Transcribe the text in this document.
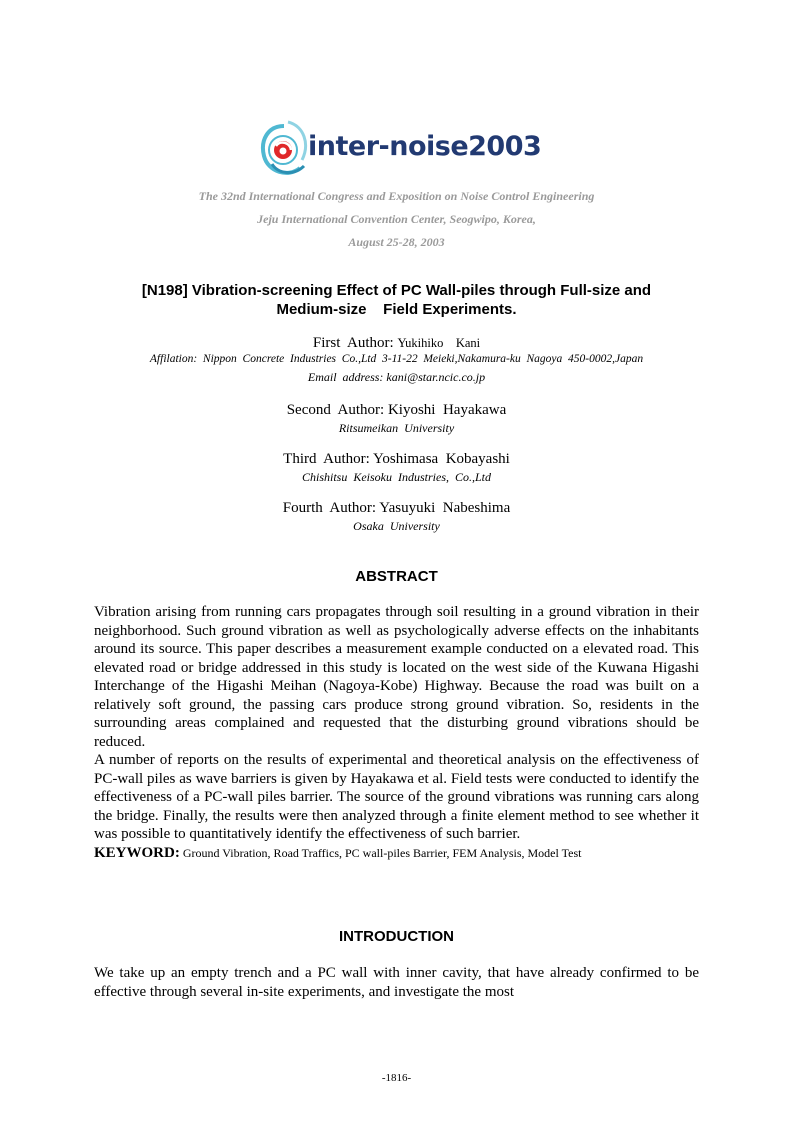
inter-noise2003
The 32nd International Congress and Exposition on Noise Control Engineering
Jeju International Convention Center, Seogwipo, Korea,
August 25-28, 2003
[N198] Vibration-screening Effect of PC Wall-piles through Full-size and
Medium-size    Field Experiments.
First  Author: Yukihiko    Kani
Affilation:  Nippon  Concrete  Industries  Co.,Ltd  3-11-22  Meieki,Nakamura-ku  Nagoya  450-0002,Japan
Email  address: kani@star.ncic.co.jp
Second  Author: Kiyoshi  Hayakawa
Ritsumeikan  University
Third  Author: Yoshimasa  Kobayashi
Chishitsu  Keisoku  Industries,  Co.,Ltd
Fourth  Author: Yasuyuki  Nabeshima
Osaka  University
ABSTRACT

Vibration arising from running cars propagates through soil resulting in a ground vibration in their neighborhood. Such ground vibration as well as psychologically adverse effects on the inhabitants around its source. This paper describes a measurement example conducted on a elevated road. This elevated road or bridge addressed in this study is located on the west side of the Kuwana Higashi Interchange of the Higashi Meihan (Nagoya-Kobe) Highway. Because the road was built on a relatively soft ground, the passing cars produce strong ground vibration. So, residents in the surrounding areas complained and requested that the disturbing ground vibrations should be reduced.

A number of reports on the results of experimental and theoretical analysis on the effectiveness of PC-wall piles as wave barriers is given by Hayakawa et al. Field tests were conducted to identify the effectiveness of a PC-wall piles barrier. The source of the ground vibrations was running cars along the bridge. Finally, the results were then analyzed through a finite element method to see whether it was possible to quantitatively identify the effectiveness of such barrier.

KEYWORD: Ground Vibration, Road Traffics, PC wall-piles Barrier, FEM Analysis, Model Test

INTRODUCTION

We take up an empty trench and a PC wall with inner cavity, that have already confirmed to be effective through several in-site experiments, and investigate the most

-1816-
